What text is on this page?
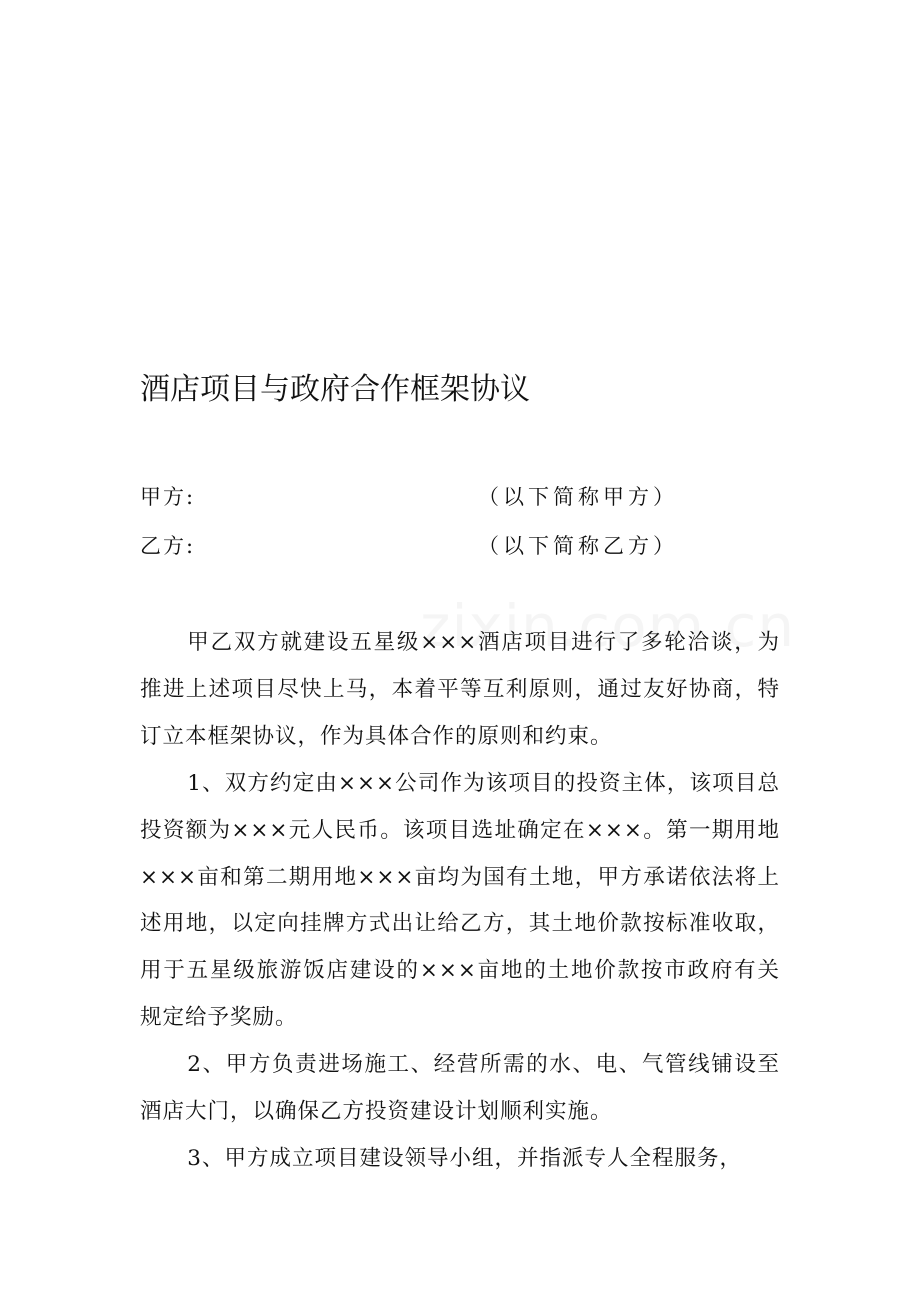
酒店项目与政府合作框架协议
甲方:	（以下简称甲方）
乙方:	（以下简称乙方）

甲乙双方就建设五星级×××酒店项目进行了多轮洽谈，为推进上述项目尽快上马，本着平等互利原则，通过友好协商，特订立本框架协议，作为具体合作的原则和约束。

1、双方约定由×××公司作为该项目的投资主体，该项目总投资额为×××元人民币。该项目选址确定在×××。第一期用地×××亩和第二期用地×××亩均为国有土地，甲方承诺依法将上述用地，以定向挂牌方式出让给乙方，其土地价款按标准收取，用于五星级旅游饭店建设的×××亩地的土地价款按市政府有关规定给予奖励。

2、甲方负责进场施工、经营所需的水、电、气管线铺设至酒店大门，以确保乙方投资建设计划顺利实施。

3、甲方成立项目建设领导小组，并指派专人全程服务，
